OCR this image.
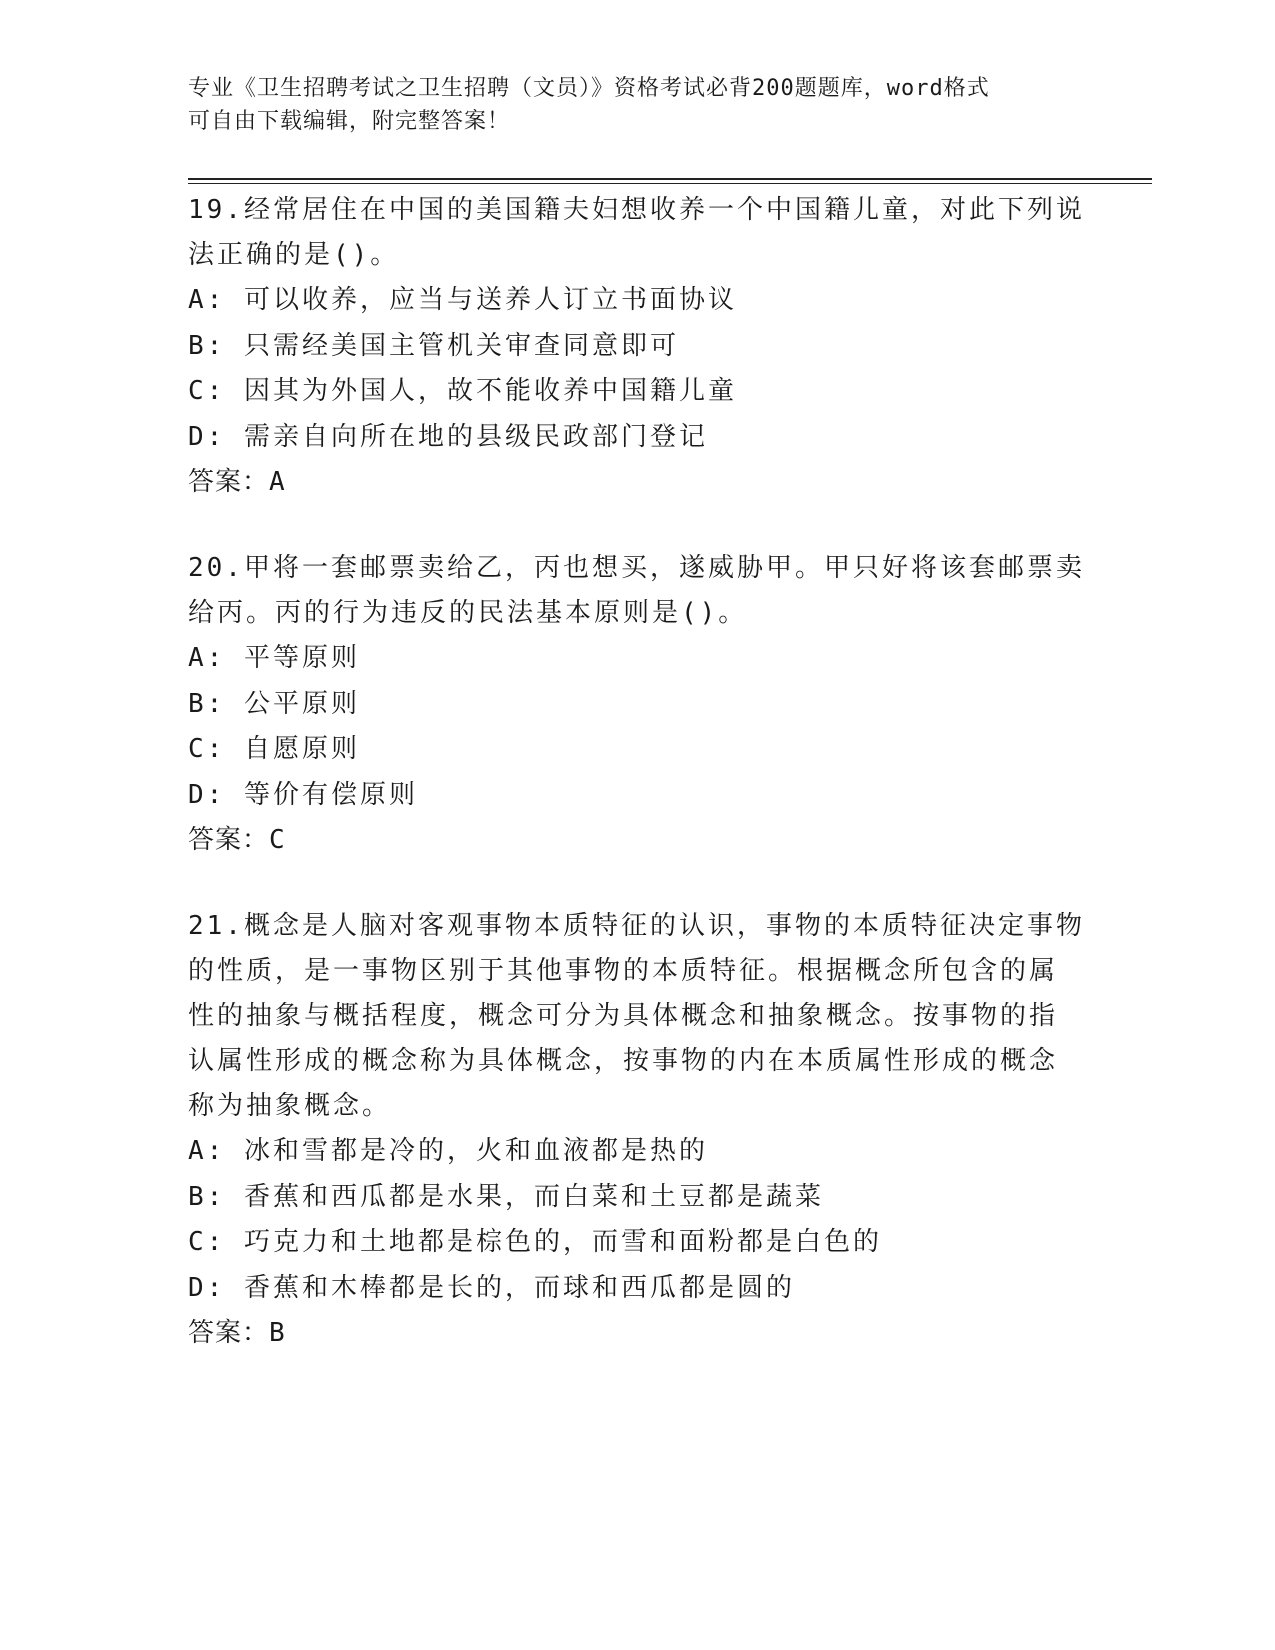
专业《卫生招聘考试之卫生招聘（文员）》资格考试必背200题题库，word格式
可自由下载编辑，附完整答案！

19.经常居住在中国的美国籍夫妇想收养一个中国籍儿童，对此下列说

法正确的是()。

A: 可以收养，应当与送养人订立书面协议

B: 只需经美国主管机关审查同意即可

C: 因其为外国人，故不能收养中国籍儿童

D: 需亲自向所在地的县级民政部门登记

答案：A

20.甲将一套邮票卖给乙，丙也想买，遂威胁甲。甲只好将该套邮票卖

给丙。丙的行为违反的民法基本原则是()。

A: 平等原则

B: 公平原则

C: 自愿原则

D: 等价有偿原则

答案：C

21.概念是人脑对客观事物本质特征的认识，事物的本质特征决定事物

的性质，是一事物区别于其他事物的本质特征。根据概念所包含的属

性的抽象与概括程度，概念可分为具体概念和抽象概念。按事物的指

认属性形成的概念称为具体概念，按事物的内在本质属性形成的概念

称为抽象概念。

A: 冰和雪都是冷的，火和血液都是热的

B: 香蕉和西瓜都是水果，而白菜和土豆都是蔬菜

C: 巧克力和土地都是棕色的，而雪和面粉都是白色的

D: 香蕉和木棒都是长的，而球和西瓜都是圆的

答案：B
